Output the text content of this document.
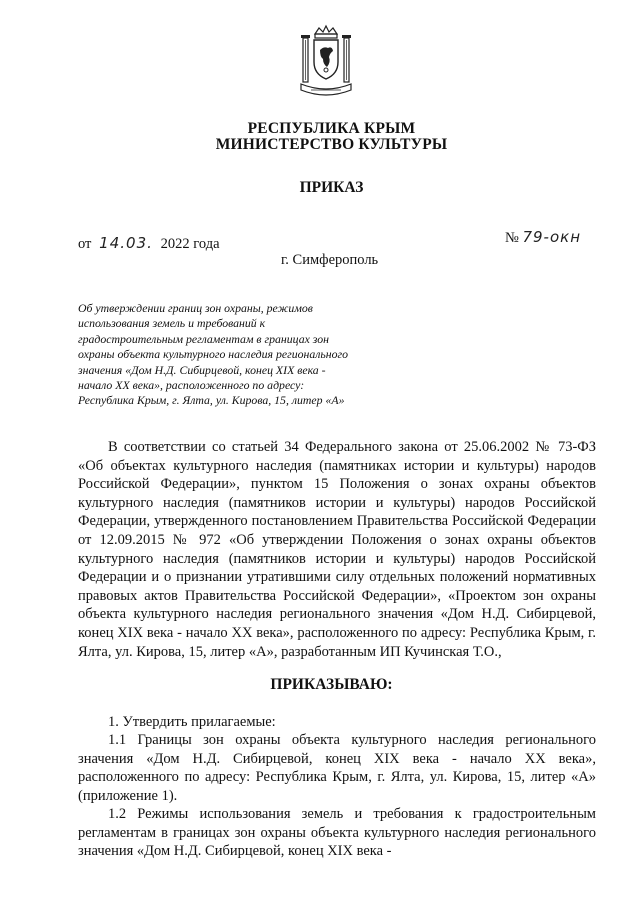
РЕСПУБЛИКА КРЫМ
МИНИСТЕРСТВО КУЛЬТУРЫ
ПРИКАЗ
от 14.03. 2022 года	№ 79-окн
г. Симферополь
Об утверждении границ зон охраны, режимов
использования земель и требований к
градостроительным регламентам в границах зон
охраны объекта культурного наследия регионального
значения «Дом Н.Д. Сибирцевой, конец XIX века -
начало XX века», расположенного по адресу:
Республика Крым, г. Ялта, ул. Кирова, 15, литер «А»
В соответствии со статьей 34 Федерального закона от 25.06.2002 № 73-ФЗ «Об объектах культурного наследия (памятниках истории и культуры) народов Российской Федерации», пунктом 15 Положения о зонах охраны объектов культурного наследия (памятников истории и культуры) народов Российской Федерации, утвержденного постановлением Правительства Российской Федерации от 12.09.2015 № 972 «Об утверждении Положения о зонах охраны объектов культурного наследия (памятников истории и культуры) народов Российской Федерации и о признании утратившими силу отдельных положений нормативных правовых актов Правительства Российской Федерации», «Проектом зон охраны объекта культурного наследия регионального значения «Дом Н.Д. Сибирцевой, конец XIX века - начало XX века», расположенного по адресу: Республика Крым, г. Ялта, ул. Кирова, 15, литер «А», разработанным ИП Кучинская Т.О.,
ПРИКАЗЫВАЮ:
1. Утвердить прилагаемые:
1.1 Границы зон охраны объекта культурного наследия регионального значения «Дом Н.Д. Сибирцевой, конец XIX века - начало XX века», расположенного по адресу: Республика Крым, г. Ялта, ул. Кирова, 15, литер «А» (приложение 1).
1.2 Режимы использования земель и требования к градостроительным регламентам в границах зон охраны объекта культурного наследия регионального значения «Дом Н.Д. Сибирцевой, конец XIX века -
